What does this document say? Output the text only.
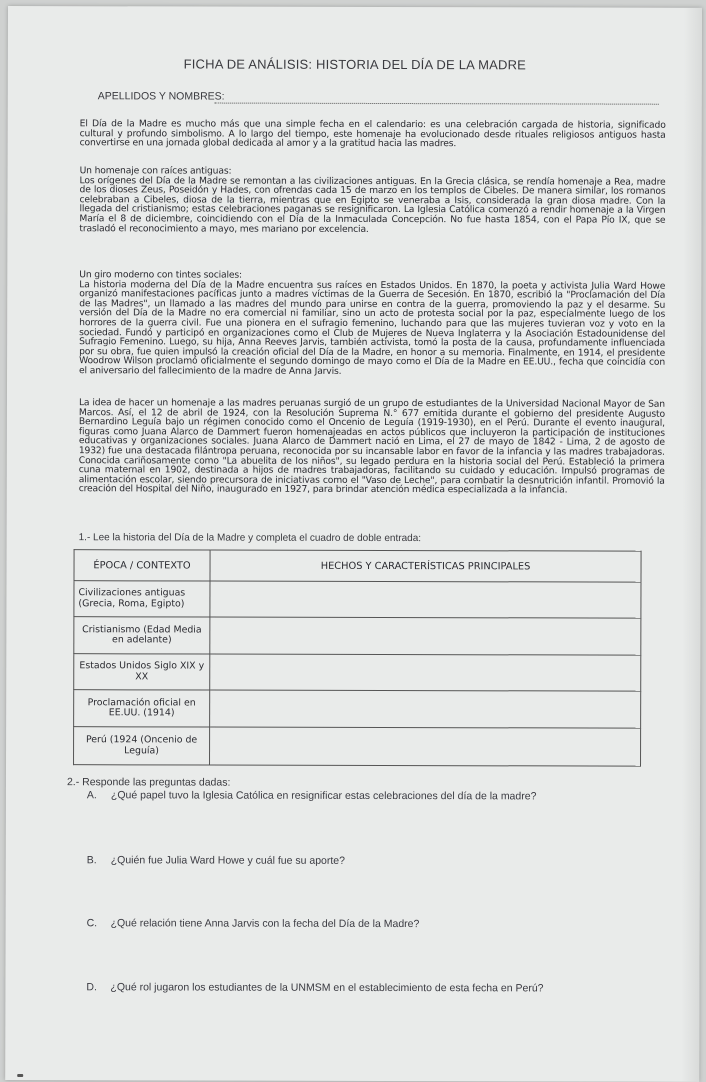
FICHA DE ANÁLISIS: HISTORIA DEL DÍA DE LA MADRE
APELLIDOS Y NOMBRES:

El Día de la Madre es mucho más que una simple fecha en el calendario: es una celebración cargada de historia, significado cultural y profundo simbolismo. A lo largo del tiempo, este homenaje ha evolucionado desde rituales religiosos antiguos hasta convertirse en una jornada global dedicada al amor y a la gratitud hacia las madres.

Un homenaje con raíces antiguas:
Los orígenes del Día de la Madre se remontan a las civilizaciones antiguas. En la Grecia clásica, se rendía homenaje a Rea, madre de los dioses Zeus, Poseidón y Hades, con ofrendas cada 15 de marzo en los templos de Cibeles. De manera similar, los romanos celebraban a Cibeles, diosa de la tierra, mientras que en Egipto se veneraba a Isis, considerada la gran diosa madre. Con la llegada del cristianismo; estas celebraciones paganas se resignificaron. La Iglesia Católica comenzó a rendir homenaje a la Virgen María el 8 de diciembre, coincidiendo con el Día de la Inmaculada Concepción. No fue hasta 1854, con el Papa Pío IX, que se trasladó el reconocimiento a mayo, mes mariano por excelencia.

Un giro moderno con tintes sociales:
La historia moderna del Día de la Madre encuentra sus raíces en Estados Unidos. En 1870, la poeta y activista Julia Ward Howe organizó manifestaciones pacíficas junto a madres víctimas de la Guerra de Secesión. En 1870, escribió la "Proclamación del Día de las Madres", un llamado a las madres del mundo para unirse en contra de la guerra, promoviendo la paz y el desarme. Su versión del Día de la Madre no era comercial ni familiar, sino un acto de protesta social por la paz, especialmente luego de los horrores de la guerra civil. Fue una pionera en el sufragio femenino, luchando para que las mujeres tuvieran voz y voto en la sociedad. Fundó y participó en organizaciones como el Club de Mujeres de Nueva Inglaterra y la Asociación Estadounidense del Sufragio Femenino. Luego, su hija, Anna Reeves Jarvis, también activista, tomó la posta de la causa, profundamente influenciada por su obra, fue quien impulsó la creación oficial del Día de la Madre, en honor a su memoria. Finalmente, en 1914, el presidente Woodrow Wilson proclamó oficialmente el segundo domingo de mayo como el Día de la Madre en EE.UU., fecha que coincidía con el aniversario del fallecimiento de la madre de Anna Jarvis.

La idea de hacer un homenaje a las madres peruanas surgió de un grupo de estudiantes de la Universidad Nacional Mayor de San Marcos. Así, el 12 de abril de 1924, con la Resolución Suprema N.° 677 emitida durante el gobierno del presidente Augusto Bernardino Leguía bajo un régimen conocido como el Oncenio de Leguía (1919-1930), en el Perú. Durante el evento inaugural, figuras como Juana Alarco de Dammert fueron homenajeadas en actos públicos que incluyeron la participación de instituciones educativas y organizaciones sociales. Juana Alarco de Dammert nació en Lima, el 27 de mayo de 1842 - Lima, 2 de agosto de 1932) fue una destacada filántropa peruana, reconocida por su incansable labor en favor de la infancia y las madres trabajadoras. Conocida cariñosamente como "La abuelita de los niños", su legado perdura en la historia social del Perú. Estableció la primera cuna maternal en 1902, destinada a hijos de madres trabajadoras, facilitando su cuidado y educación. Impulsó programas de alimentación escolar, siendo precursora de iniciativas como el "Vaso de Leche", para combatir la desnutrición infantil. Promovió la creación del Hospital del Niño, inaugurado en 1927, para brindar atención médica especializada a la infancia.

1.- Lee la historia del Día de la Madre y completa el cuadro de doble entrada:
ÉPOCA / CONTEXTO	HECHOS Y CARACTERÍSTICAS PRINCIPALES
Civilizaciones antiguas (Grecia, Roma, Egipto)	
Cristianismo (Edad Media en adelante)	
Estados Unidos Siglo XIX y XX	
Proclamación oficial en EE.UU. (1914)	
Perú (1924 (Oncenio de Leguía)	
2.- Responde las preguntas dadas:
A. ¿Qué papel tuvo la Iglesia Católica en resignificar estas celebraciones del día de la madre?
B. ¿Quién fue Julia Ward Howe y cuál fue su aporte?
C. ¿Qué relación tiene Anna Jarvis con la fecha del Día de la Madre?
D. ¿Qué rol jugaron los estudiantes de la UNMSM en el establecimiento de esta fecha en Perú?
